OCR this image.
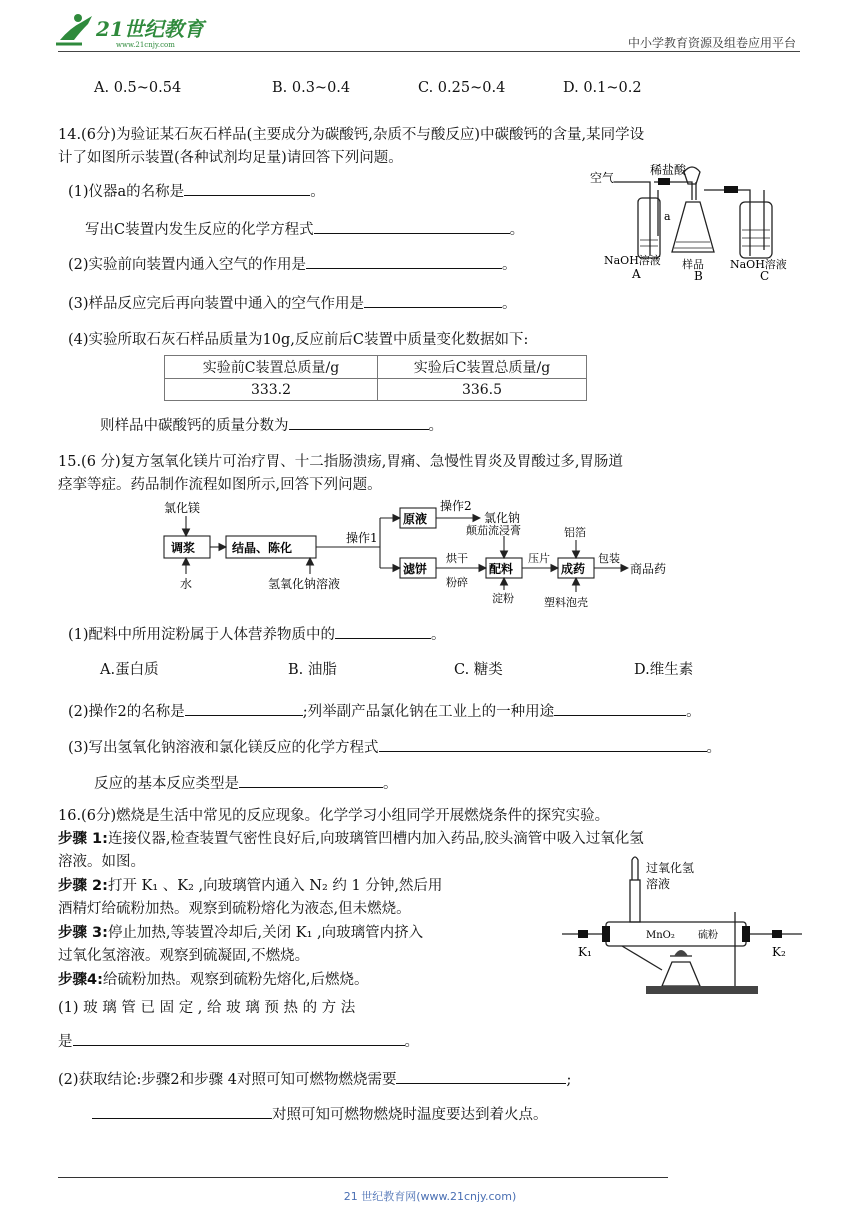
21世纪教育
www.21cnjy.com	中小学教育资源及组卷应用平台
A. 0.5~0.54	B. 0.3~0.4	C. 0.25~0.4	D. 0.1~0.2
14.(6分)为验证某石灰石样品(主要成分为碳酸钙,杂质不与酸反应)中碳酸钙的含量,某同学设
计了如图所示装置(各种试剂均足量)请回答下列问题。
(1)仪器a的名称是	。
写出C装置内发生反应的化学方程式	。
(2)实验前向装置内通入空气的作用是	。
(3)样品反应完后再向装置中通入的空气作用是	。
(4)实验所取石灰石样品质量为10g,反应前后C装置中质量变化数据如下:
实验前C装置总质量/g	实验后C装置总质量/g
333.2	336.5
则样品中碳酸钙的质量分数为	。
空气
稀盐酸
a
NaOH溶液 样品 NaOH溶液
A	B	C
15.(6 分)复方氢氧化镁片可治疗胃、十二指肠溃疡,胃痛、急慢性胃炎及胃酸过多,胃肠道
痉挛等症。药品制作流程如图所示,回答下列问题。
氯化镁
调浆
水
结晶、陈化
氢氧化钠溶液
操作1
原液
操作2
氯化钠
颠茄流浸膏
滤饼
烘干
粉碎
配料
淀粉
压片
成药
铝箔
包装
塑料泡壳
商品药
(1)配料中所用淀粉属于人体营养物质中的	。
A.蛋白质	B. 油脂	C. 糖类	D.维生素
(2)操作2的名称是	;列举副产品氯化钠在工业上的一种用途	。
(3)写出氢氧化钠溶液和氯化镁反应的化学方程式	。
反应的基本反应类型是	。
16.(6分)燃烧是生活中常见的反应现象。化学学习小组同学开展燃烧条件的探究实验。
步骤 1:连接仪器,检查装置气密性良好后,向玻璃管凹槽内加入药品,胶头滴管中吸入过氧化氢
溶液。如图。
步骤 2:打开 K₁ 、K₂ ,向玻璃管内通入 N₂ 约 1 分钟,然后用
酒精灯给硫粉加热。观察到硫粉熔化为液态,但未燃烧。
步骤 3:停止加热,等装置冷却后,关闭 K₁ ,向玻璃管内挤入
过氧化氢溶液。观察到硫凝固,不燃烧。
步骤4:给硫粉加热。观察到硫粉先熔化,后燃烧。
(1) 玻 璃 管 已 固 定 , 给 玻 璃 预 热 的 方 法
是	。
(2)获取结论:步骤2和步骤 4对照可知可燃物燃烧需要	;
对照可知可燃物燃烧时温度要达到着火点。
过氧化氢
溶液
MnO₂ 硫粉
K₁	K₂
21 世纪教育网(www.21cnjy.com)
